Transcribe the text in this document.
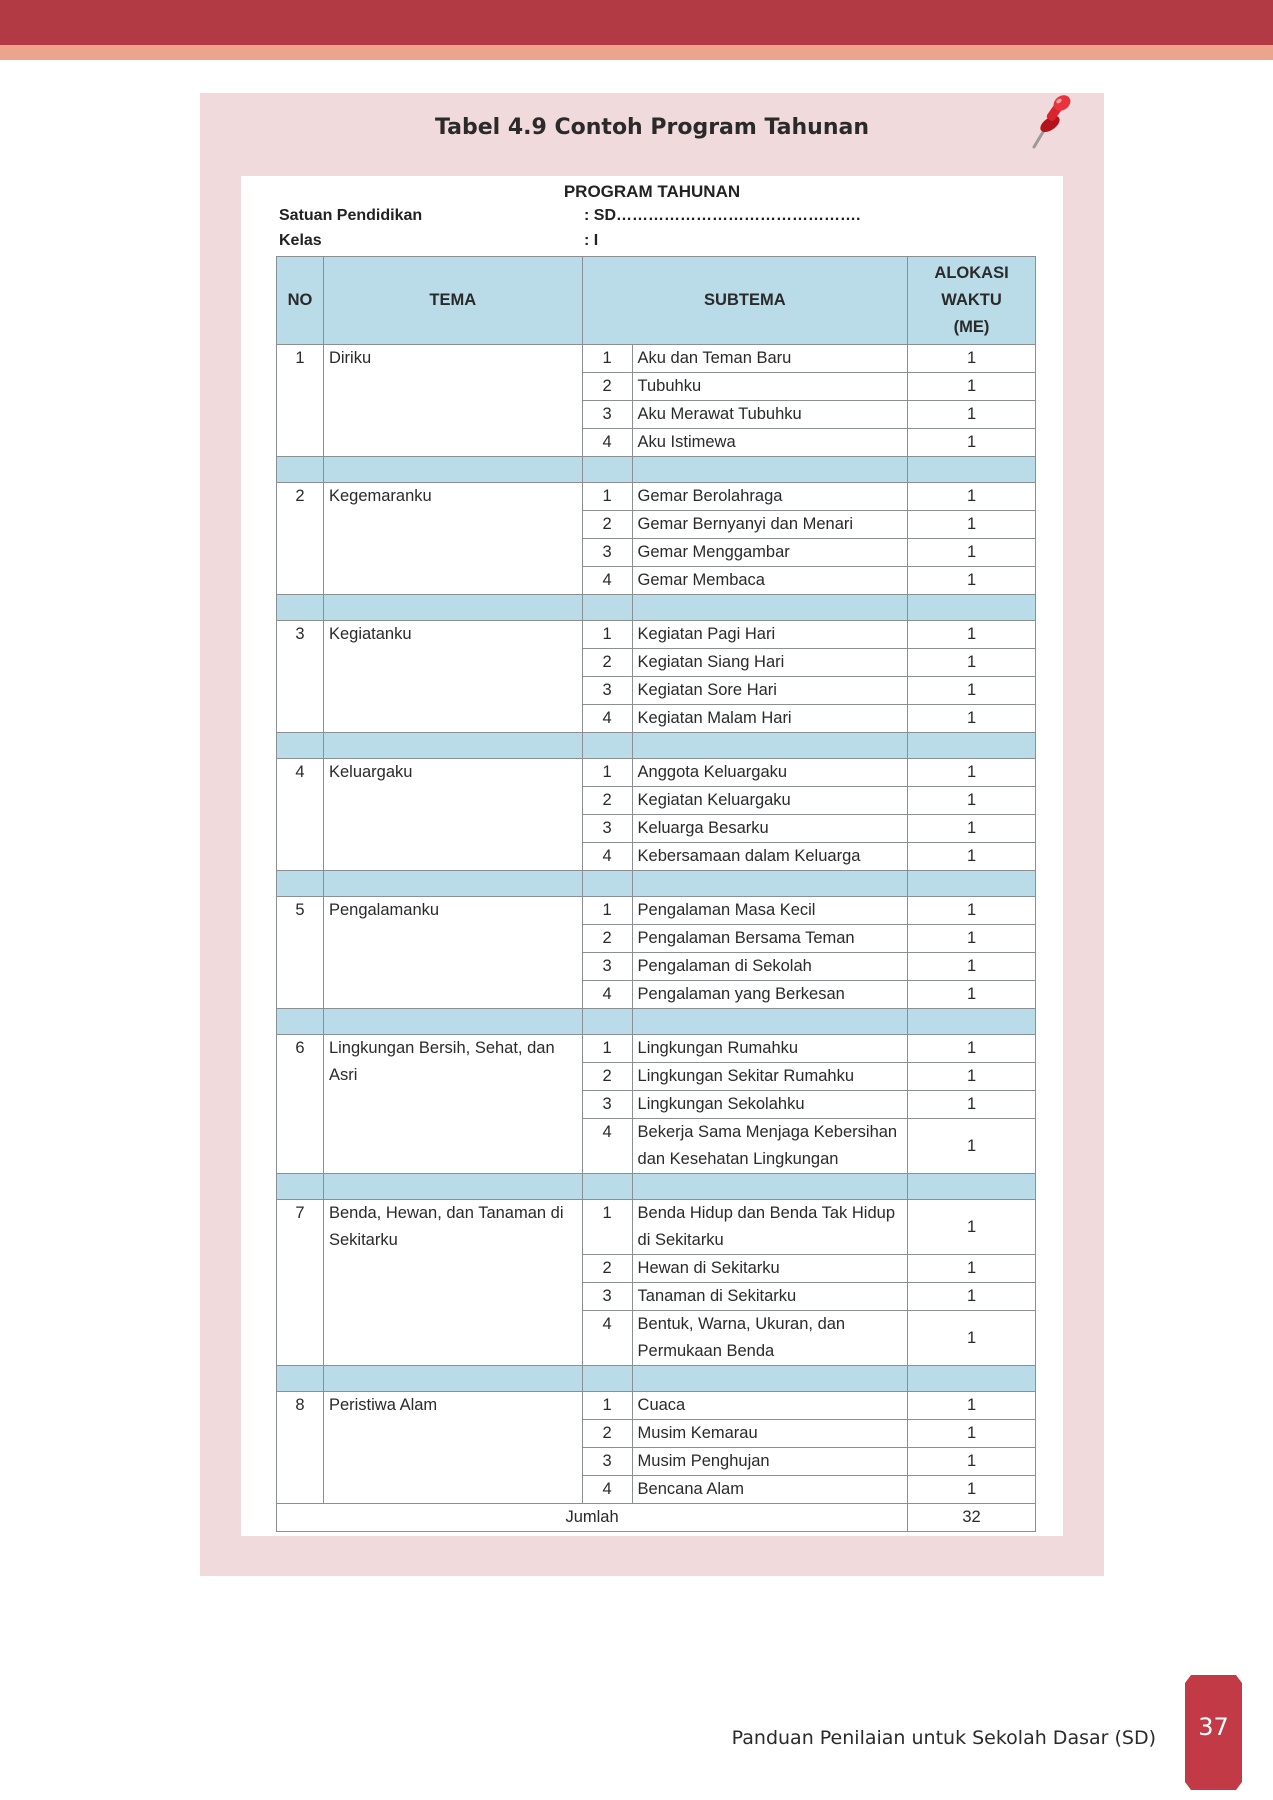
Tabel 4.9 Contoh Program Tahunan
PROGRAM TAHUNAN
Satuan Pendidikan	: SD……………………………………….
Kelas	: I
NO	TEMA	SUBTEMA		ALOKASI
WAKTU
(ME)
1	Diriku	1	Aku dan Teman Baru	1
		2	Tubuhku	1
		3	Aku Merawat Tubuhku	1
		4	Aku Istimewa	1

2	Kegemaranku	1	Gemar Berolahraga	1
		2	Gemar Bernyanyi dan Menari	1
		3	Gemar Menggambar	1
		4	Gemar Membaca	1

3	Kegiatanku	1	Kegiatan Pagi Hari	1
		2	Kegiatan Siang Hari	1
		3	Kegiatan Sore Hari	1
		4	Kegiatan Malam Hari	1

4	Keluargaku	1	Anggota Keluargaku	1
		2	Kegiatan Keluargaku	1
		3	Keluarga Besarku	1
		4	Kebersamaan dalam Keluarga	1

5	Pengalamanku	1	Pengalaman Masa Kecil	1
		2	Pengalaman Bersama Teman	1
		3	Pengalaman di Sekolah	1
		4	Pengalaman yang Berkesan	1

6	Lingkungan Bersih, Sehat, dan Asri	1	Lingkungan Rumahku	1
		2	Lingkungan Sekitar Rumahku	1
		3	Lingkungan Sekolahku	1
		4	Bekerja Sama Menjaga Kebersihan dan Kesehatan Lingkungan	1

7	Benda, Hewan, dan Tanaman di Sekitarku	1	Benda Hidup dan Benda Tak Hidup di Sekitarku	1
		2	Hewan di Sekitarku	1
		3	Tanaman di Sekitarku	1
		4	Bentuk, Warna, Ukuran, dan Permukaan Benda	1

8	Peristiwa Alam	1	Cuaca	1
		2	Musim Kemarau	1
		3	Musim Penghujan	1
		4	Bencana Alam	1
Jumlah				32
Panduan Penilaian untuk Sekolah Dasar (SD)	37
